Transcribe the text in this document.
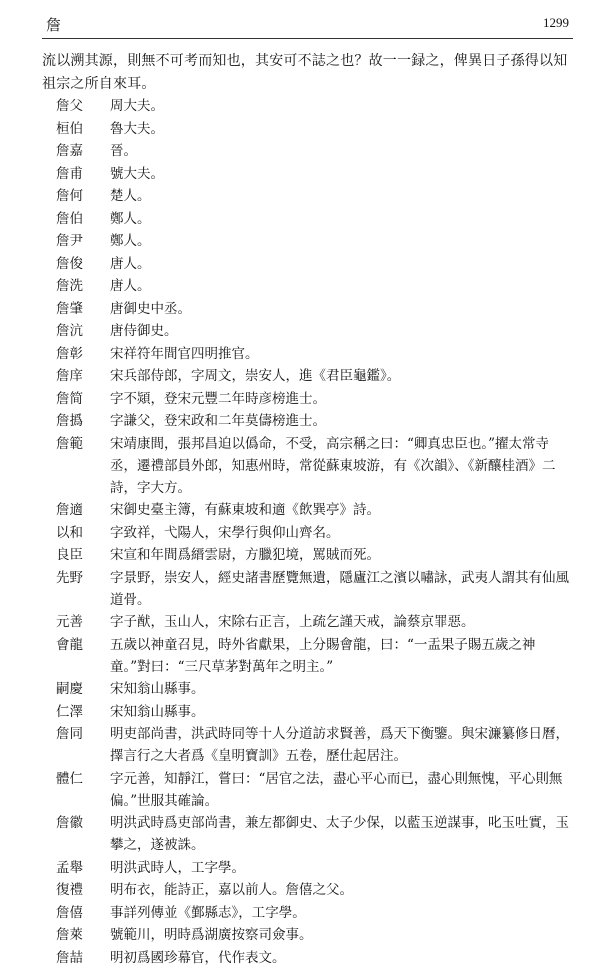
詹	1299
流以溯其源，則無不可考而知也，其安可不誌之也？故一一録之，俾異日子孫得以知祖宗之所自來耳。
詹父	周大夫。
桓伯	魯大夫。
詹嘉	晉。
詹甫	號大夫。
詹何	楚人。
詹伯	鄭人。
詹尹	鄭人。
詹俊	唐人。
詹洗	唐人。
詹肇	唐御史中丞。
詹沆	唐侍御史。
詹彰	宋祥符年間官四明推官。
詹庠	宋兵部侍郎，字周文，崇安人，進《君臣龜鑑》。
詹简	字不熲，登宋元豐二年時彦榜進士。
詹撝	字謙父，登宋政和二年莫儔榜進士。
詹範	宋靖康間，張邦昌迫以僞命，不受，高宗稱之曰：“卿真忠臣也。”擢太常寺丞，遷禮部員外郎，知惠州時，常從蘇東坡游，有《次韻》、《新釀桂酒》二詩，字大方。
詹適	宋御史臺主簿，有蘇東坡和適《飲巽亭》詩。
以和	字致祥，弋陽人，宋學行與仰山齊名。
良臣	宋宣和年間爲縉雲尉，方臘犯境，罵賊而死。
先野	字景野，崇安人，經史諸書歷覽無遺，隱廬江之濱以嘯詠，武夷人謂其有仙風道骨。
元善	字子猷，玉山人，宋除右正言，上疏乞謹天戒，論蔡京罪惡。
會龍	五歲以神童召見，時外省獻果，上分賜會龍，曰：“一盂果子賜五歲之神童。”對曰：“三尺草茅對萬年之明主。”
嗣慶	宋知翁山縣事。
仁澤	宋知翁山縣事。
詹同	明吏部尚書，洪武時同等十人分道訪求賢善，爲天下衡鑒。與宋濂纂修日曆，擇言行之大者爲《皇明寶訓》五卷，歷仕起居注。
體仁	字元善，知靜江，嘗曰：“居官之法，盡心平心而已，盡心則無愧，平心則無偏。”世服其確論。
詹徽	明洪武時爲吏部尚書，兼左都御史、太子少保，以藍玉逆謀事，叱玉吐實，玉攀之，遂被誅。
孟舉	明洪武時人，工字學。
復禮	明布衣，能詩正，嘉以前人。詹僖之父。
詹僖	事詳列傳並《鄞縣志》，工字學。
詹萊	號範川，明時爲湖廣按察司僉事。
詹喆	明初爲國珍幕官，代作表文。
